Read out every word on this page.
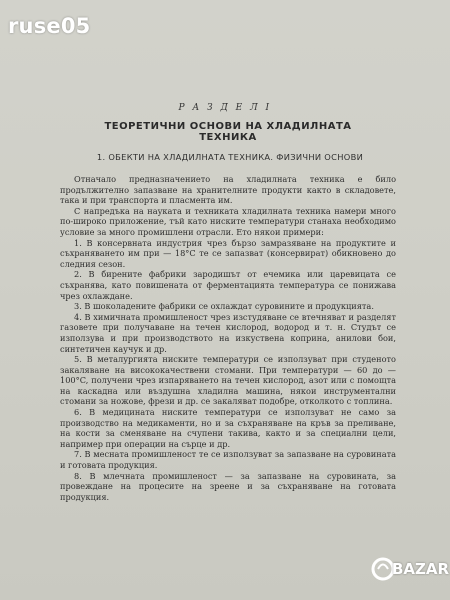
ruse05
Р А З Д Е Л I
ТЕОРЕТИЧНИ ОСНОВИ НА ХЛАДИЛНАТА ТЕХНИКА
1. ОБЕКТИ НА ХЛАДИЛНАТА ТЕХНИКА. ФИЗИЧНИ ОСНОВИ

Отначало предназначението на хладилната техника е било продължително запазване на хранителните продукти както в складовете, така и при транспорта и пласмента им.

С напредъка на науката и техниката хладилната техника намери много по-широко приложение, тъй като ниските температури станаха необходимо условие за много промишлени отрасли. Ето някои примери:

1. В консервната индустрия чрез бързо замразяване на продуктите и съхраняването им при — 18°C те се запазват (консервират) обикновено до следния сезон.

2. В бирените фабрики зародишът от ечемика или царевицата се съхранява, като повишената от ферментацията температура се понижава чрез охлаждане.

3. В шоколадените фабрики се охлаждат суровините и продукцията.

4. В химичната промишленост чрез изстудяване се втечняват и разделят газовете при получаване на течен кислород, водород и т. н. Студът се използува и при производството на изкуствена коприна, анилови бои, синтетичен каучук и др.

5. В металургията ниските температури се използуват при студеното закаляване на висококачествени стомани. При температури — 60 до —100°C, получени чрез изпаряването на течен кислород, азот или с помощта на каскадна или въздушна хладилна машина, някои инструментални стомани за ножове, фрези и др. се закаляват подобре, отколкото с топлина.

6. В медицината ниските температури се използуват не само за производство на медикаменти, но и за съхраняване на кръв за преливане, на кости за сменяване на счупени такива, както и за специални цели, например при операции на сърце и др.

7. В месната промишленост те се използуват за запазване на суровината и готовата продукция.

8. В млечната промишленост — за запазване на суровината, за провеждане на процесите на зреене и за съхраняване на готовата продукция.

BAZAR
